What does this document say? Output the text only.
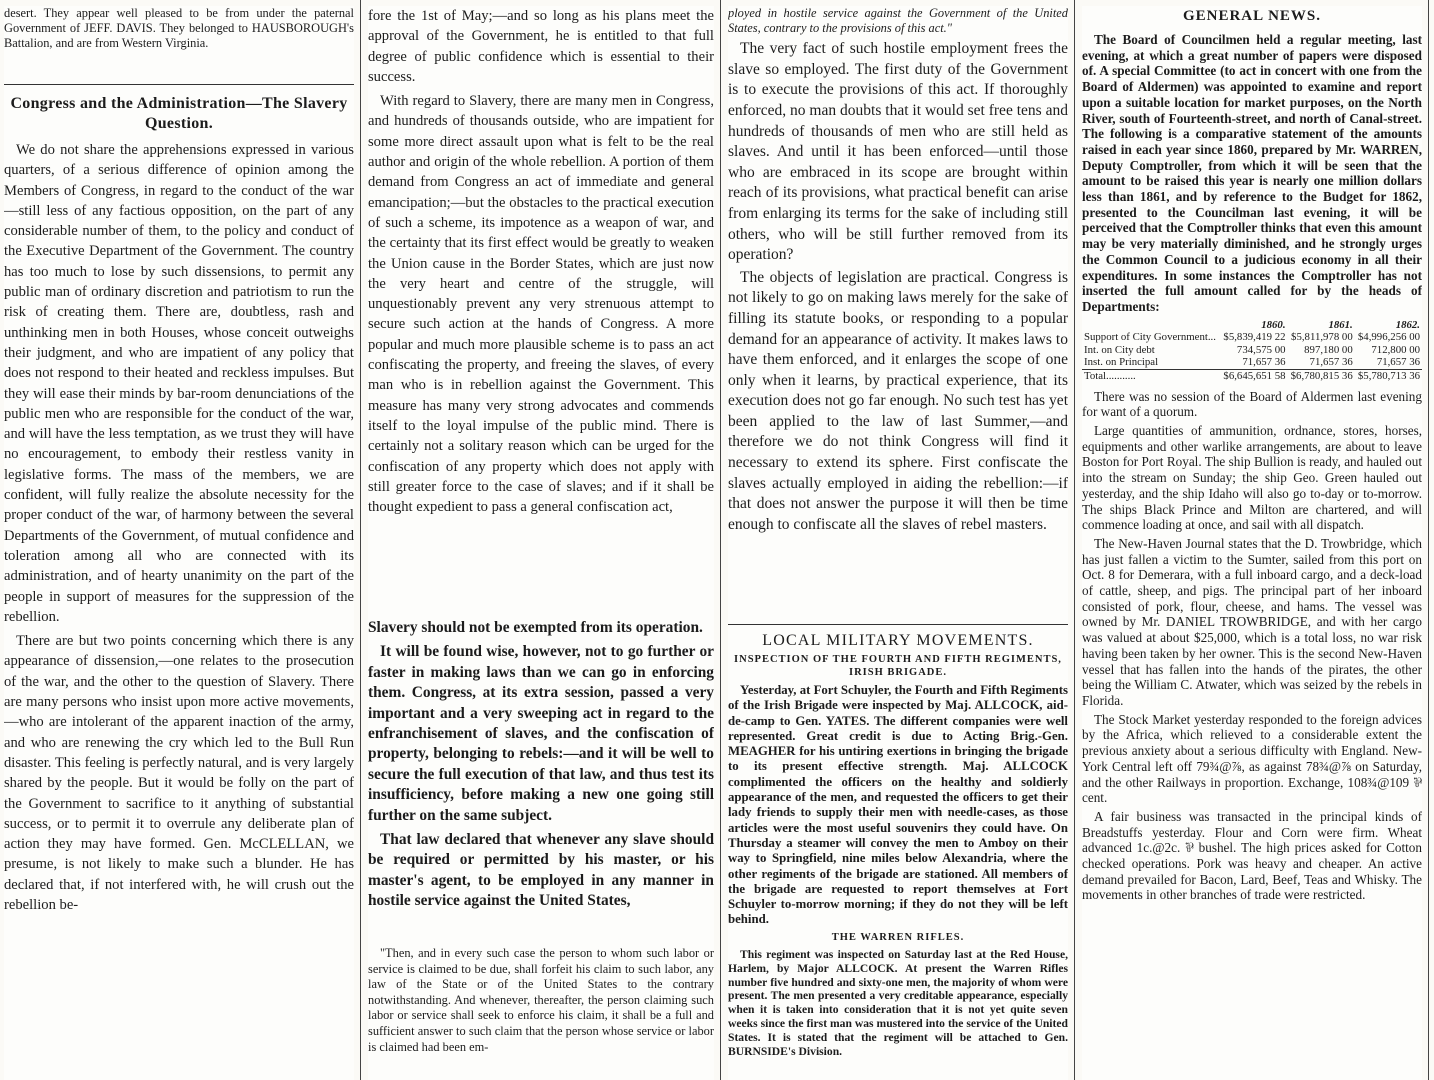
desert. They appear well pleased to be from under the paternal Government of JEFF. DAVIS. They belonged to HAUSBOROUGH's Battalion, and are from Western Virginia.

Congress and the Administration—The Slavery Question.

We do not share the apprehensions expressed in various quarters, of a serious difference of opinion among the Members of Congress, in regard to the conduct of the war —still less of any factious opposition, on the part of any considerable number of them, to the policy and conduct of the Executive Department of the Government. The country has too much to lose by such dissensions, to permit any public man of ordinary discretion and patriotism to run the risk of creating them. There are, doubtless, rash and unthinking men in both Houses, whose conceit outweighs their judgment, and who are impatient of any policy that does not respond to their heated and reckless impulses. But they will ease their minds by bar-room denunciations of the public men who are responsible for the conduct of the war, and will have the less temptation, as we trust they will have no encouragement, to embody their restless vanity in legislative forms. The mass of the members, we are confident, will fully realize the absolute necessity for the proper conduct of the war, of harmony between the several Departments of the Government, of mutual confidence and toleration among all who are connected with its administration, and of hearty unanimity on the part of the people in support of measures for the suppression of the rebellion.

There are but two points concerning which there is any appearance of dissension,—one relates to the prosecution of the war, and the other to the question of Slavery. There are many persons who insist upon more active movements,—who are intolerant of the apparent inaction of the army, and who are renewing the cry which led to the Bull Run disaster. This feeling is perfectly natural, and is very largely shared by the people. But it would be folly on the part of the Government to sacrifice to it anything of substantial success, or to permit it to overrule any deliberate plan of action they may have formed. Gen. McCLELLAN, we presume, is not likely to make such a blunder. He has declared that, if not interfered with, he will crush out the rebellion be-

fore the 1st of May;—and so long as his plans meet the approval of the Government, he is entitled to that full degree of public confidence which is essential to their success.

With regard to Slavery, there are many men in Congress, and hundreds of thousands outside, who are impatient for some more direct assault upon what is felt to be the real author and origin of the whole rebellion. A portion of them demand from Congress an act of immediate and general emancipation;—but the obstacles to the practical execution of such a scheme, its impotence as a weapon of war, and the certainty that its first effect would be greatly to weaken the Union cause in the Border States, which are just now the very heart and centre of the struggle, will unquestionably prevent any very strenuous attempt to secure such action at the hands of Congress. A more popular and much more plausible scheme is to pass an act confiscating the property, and freeing the slaves, of every man who is in rebellion against the Government. This measure has many very strong advocates and commends itself to the loyal impulse of the public mind. There is certainly not a solitary reason which can be urged for the confiscation of any property which does not apply with still greater force to the case of slaves; and if it shall be thought expedient to pass a general confiscation act,

Slavery should not be exempted from its operation.

It will be found wise, however, not to go further or faster in making laws than we can go in enforcing them. Congress, at its extra session, passed a very important and a very sweeping act in regard to the enfranchisement of slaves, and the confiscation of property, belonging to rebels:—and it will be well to secure the full execution of that law, and thus test its insufficiency, before making a new one going still further on the same subject.

That law declared that whenever any slave should be required or permitted by his master, or his master's agent, to be employed in any manner in hostile service against the United States,

"Then, and in every such case the person to whom such labor or service is claimed to be due, shall forfeit his claim to such labor, any law of the State or of the United States to the contrary notwithstanding. And whenever, thereafter, the person claiming such labor or service shall seek to enforce his claim, it shall be a full and sufficient answer to such claim that the person whose service or labor is claimed had been em-

ployed in hostile service against the Government of the United States, contrary to the provisions of this act."

The very fact of such hostile employment frees the slave so employed. The first duty of the Government is to execute the provisions of this act. If thoroughly enforced, no man doubts that it would set free tens and hundreds of thousands of men who are still held as slaves. And until it has been enforced—until those who are embraced in its scope are brought within reach of its provisions, what practical benefit can arise from enlarging its terms for the sake of including still others, who will be still further removed from its operation?

The objects of legislation are practical. Congress is not likely to go on making laws merely for the sake of filling its statute books, or responding to a popular demand for an appearance of activity. It makes laws to have them enforced, and it enlarges the scope of one only when it learns, by practical experience, that its execution does not go far enough. No such test has yet been applied to the law of last Summer,—and therefore we do not think Congress will find it necessary to extend its sphere. First confiscate the slaves actually employed in aiding the rebellion:—if that does not answer the purpose it will then be time enough to confiscate all the slaves of rebel masters.

LOCAL MILITARY MOVEMENTS.
INSPECTION OF THE FOURTH AND FIFTH REGIMENTS, IRISH BRIGADE.

Yesterday, at Fort Schuyler, the Fourth and Fifth Regiments of the Irish Brigade were inspected by Maj. ALLCOCK, aid-de-camp to Gen. YATES. The different companies were well represented. Great credit is due to Acting Brig.-Gen. MEAGHER for his untiring exertions in bringing the brigade to its present effective strength. Maj. ALLCOCK complimented the officers on the healthy and soldierly appearance of the men, and requested the officers to get their lady friends to supply their men with needle-cases, as those articles were the most useful souvenirs they could have. On Thursday a steamer will convey the men to Amboy on their way to Springfield, nine miles below Alexandria, where the other regiments of the brigade are stationed. All members of the brigade are requested to report themselves at Fort Schuyler to-morrow morning; if they do not they will be left behind.

THE WARREN RIFLES.

This regiment was inspected on Saturday last at the Red House, Harlem, by Major ALLCOCK. At present the Warren Rifles number five hundred and sixty-one men, the majority of whom were present. The men presented a very creditable appearance, especially when it is taken into consideration that it is not yet quite seven weeks since the first man was mustered into the service of the United States. It is stated that the regiment will be attached to Gen. BURNSIDE's Division.

GENERAL NEWS.

The Board of Councilmen held a regular meeting, last evening, at which a great number of papers were disposed of. A special Committee (to act in concert with one from the Board of Aldermen) was appointed to examine and report upon a suitable location for market purposes, on the North River, south of Fourteenth-street, and north of Canal-street. The following is a comparative statement of the amounts raised in each year since 1860, prepared by Mr. WARREN, Deputy Comptroller, from which it will be seen that the amount to be raised this year is nearly one million dollars less than 1861, and by reference to the Budget for 1862, presented to the Councilman last evening, it will be perceived that the Comptroller thinks that even this amount may be very materially diminished, and he strongly urges the Common Council to a judicious economy in all their expenditures. In some instances the Comptroller has not inserted the full amount called for by the heads of Departments:

	1860.	1861.	1862.
Support of City Government...	$5,839,419 22	$5,811,978 00	$4,996,256 00
Int. on City debt	734,575 00	897,180 00	712,800 00
Inst. on Principal	71,657 36	71,657 36	71,657 36
Total...........	$6,645,651 58	$6,780,815 36	$5,780,713 36

There was no session of the Board of Aldermen last evening for want of a quorum.

Large quantities of ammunition, ordnance, stores, horses, equipments and other warlike arrangements, are about to leave Boston for Port Royal. The ship Bullion is ready, and hauled out into the stream on Sunday; the ship Geo. Green hauled out yesterday, and the ship Idaho will also go to-day or to-morrow. The ships Black Prince and Milton are chartered, and will commence loading at once, and sail with all dispatch.

The New-Haven Journal states that the D. Trowbridge, which has just fallen a victim to the Sumter, sailed from this port on Oct. 8 for Demerara, with a full inboard cargo, and a deck-load of cattle, sheep, and pigs. The principal part of her inboard consisted of pork, flour, cheese, and hams. The vessel was owned by Mr. DANIEL TROWBRIDGE, and with her cargo was valued at about $25,000, which is a total loss, no war risk having been taken by her owner. This is the second New-Haven vessel that has fallen into the hands of the pirates, the other being the William C. Atwater, which was seized by the rebels in Florida.

The Stock Market yesterday responded to the foreign advices by the Africa, which relieved to a considerable extent the previous anxiety about a serious difficulty with England. New-York Central left off 79¾@⅞, as against 78¾@⅞ on Saturday, and the other Railways in proportion. Exchange, 108¾@109 ⅌ cent.

A fair business was transacted in the principal kinds of Breadstuffs yesterday. Flour and Corn were firm. Wheat advanced 1c.@2c. ⅌ bushel. The high prices asked for Cotton checked operations. Pork was heavy and cheaper. An active demand prevailed for Bacon, Lard, Beef, Teas and Whisky. The movements in other branches of trade were restricted.
